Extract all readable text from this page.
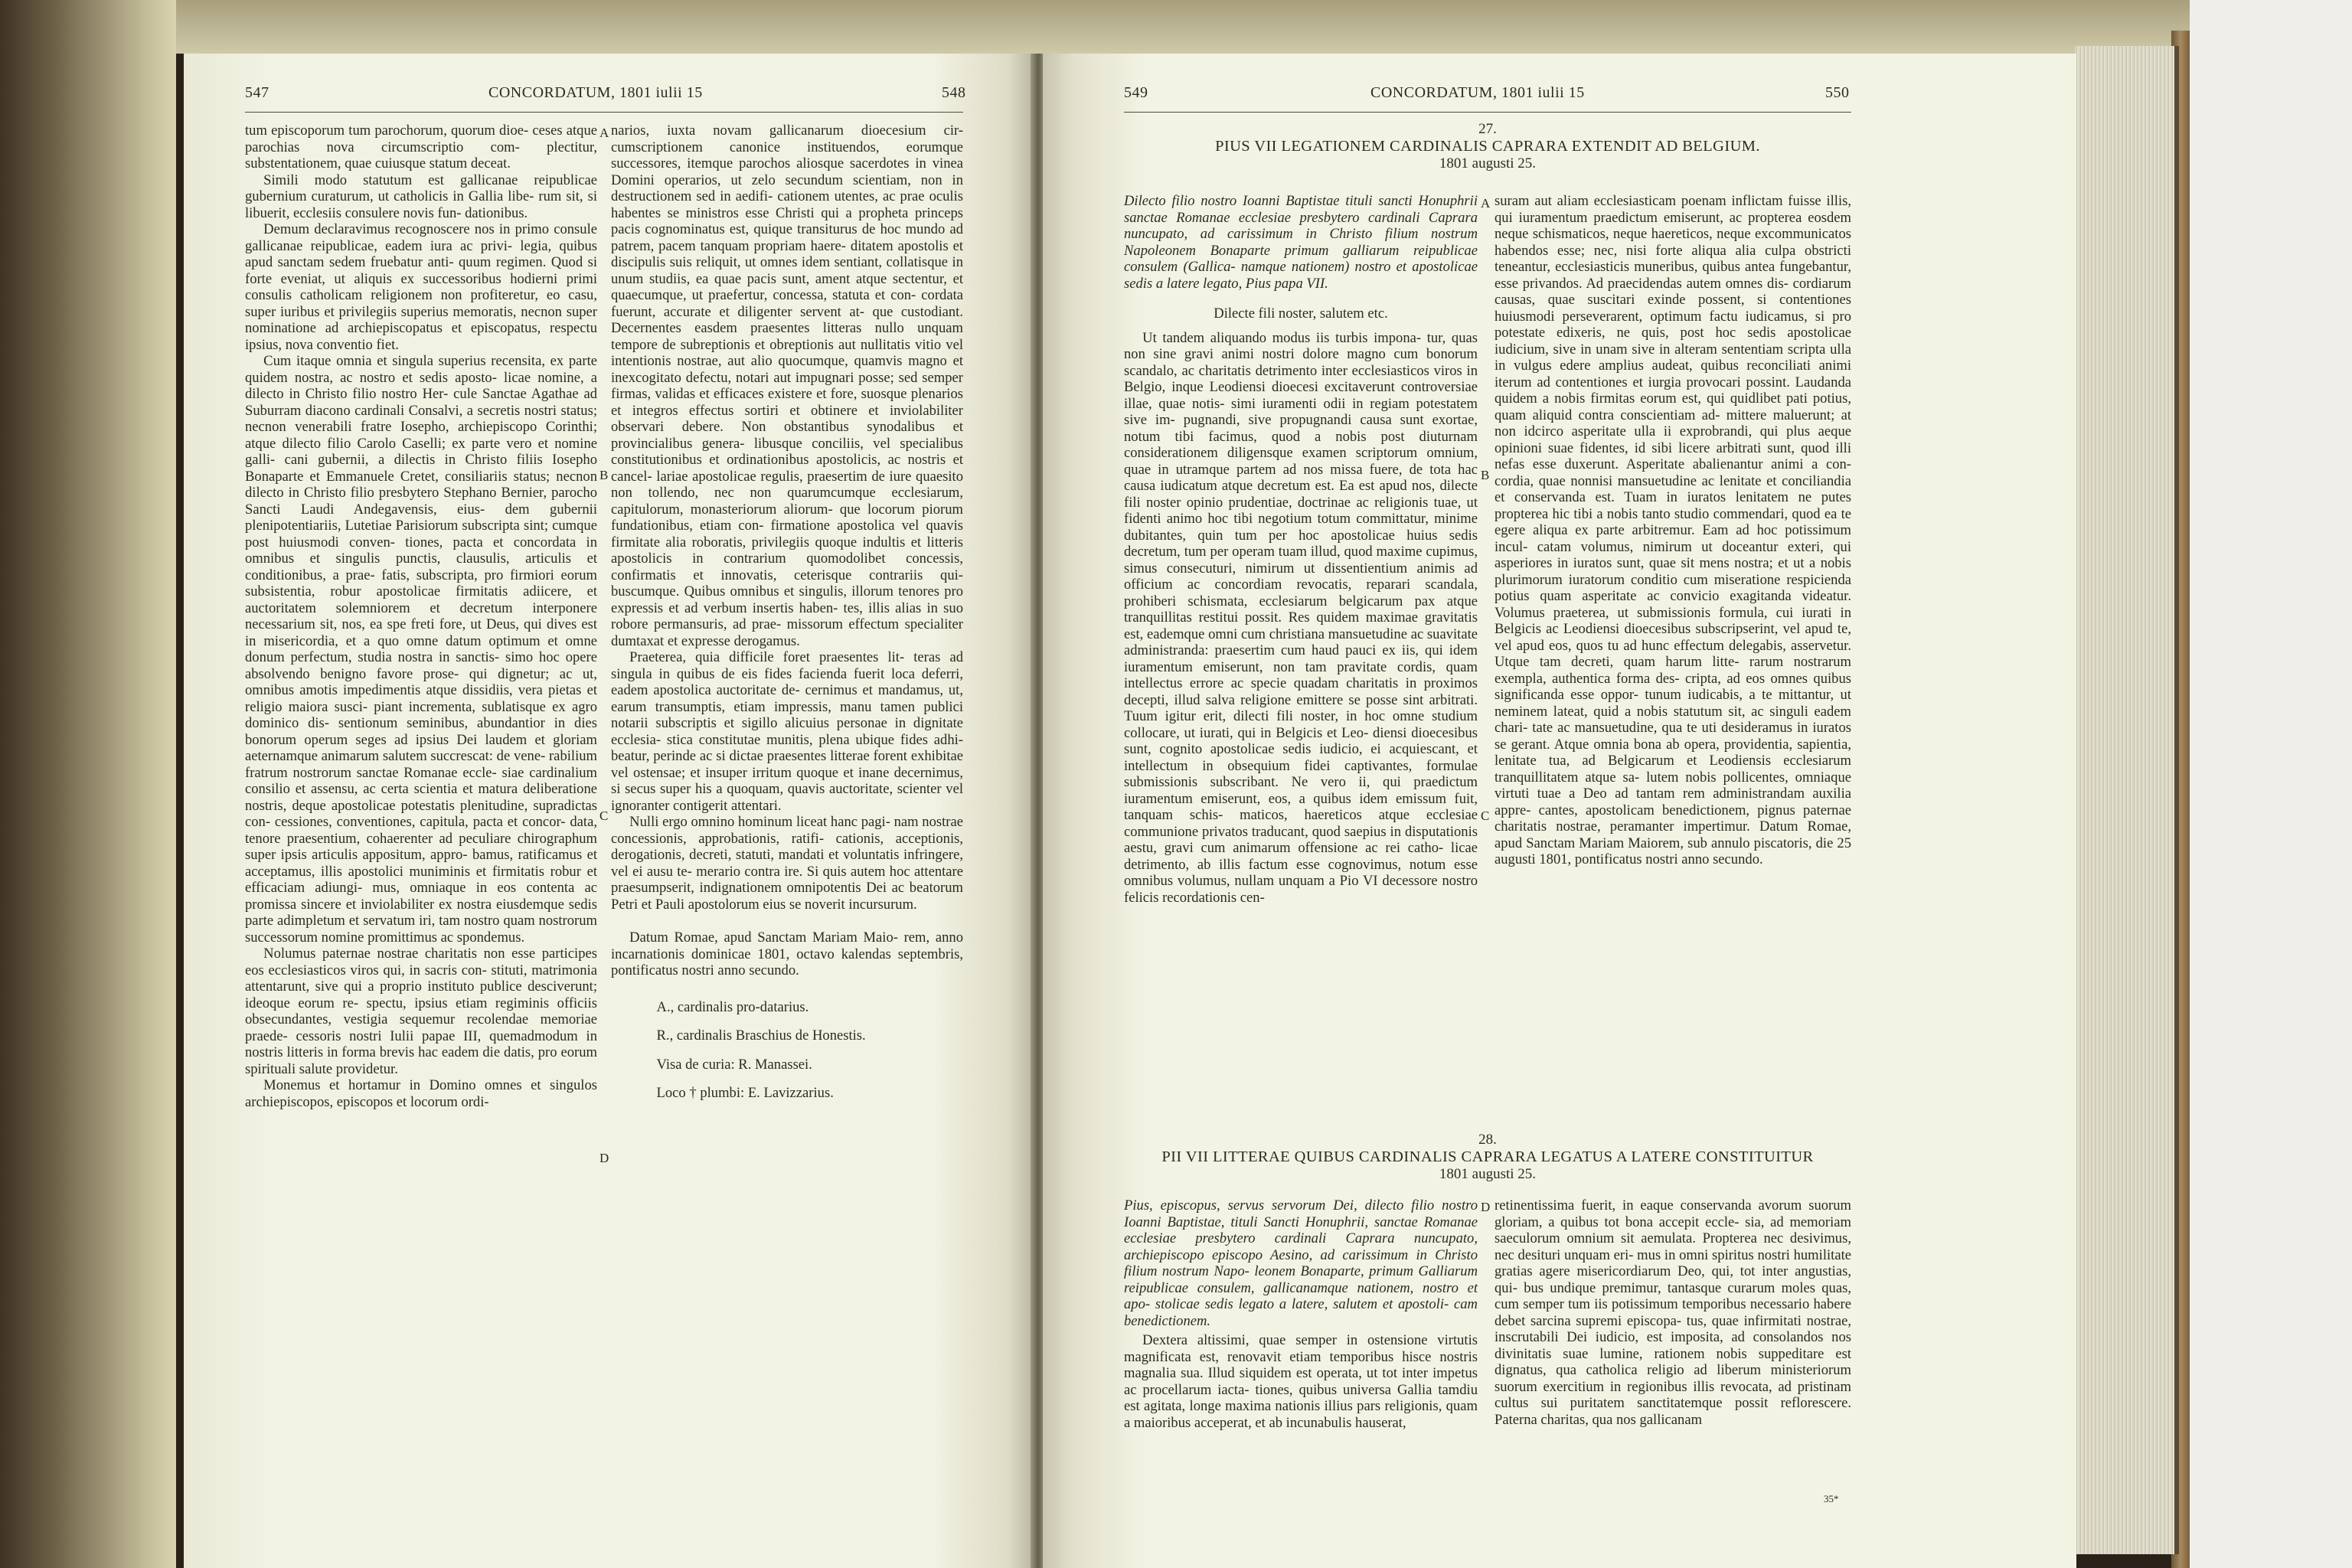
547	CONCORDATUM, 1801 iulii 15	548

tum episcoporum tum parochorum, quorum dioe- ceses atque parochias nova circumscriptio com- plectitur, substentationem, quae cuiusque statum deceat.

Simili modo statutum est gallicanae reipublicae gubernium curaturum, ut catholicis in Gallia libe- rum sit, si libuerit, ecclesiis consulere novis fun- dationibus.

Demum declaravimus recognoscere nos in primo consule gallicanae reipublicae, eadem iura ac privi- legia, quibus apud sanctam sedem fruebatur anti- quum regimen. Quod si forte eveniat, ut aliquis ex successoribus hodierni primi consulis catholicam religionem non profiteretur, eo casu, super iuribus et privilegiis superius memoratis, necnon super nominatione ad archiepiscopatus et episcopatus, respectu ipsius, nova conventio fiet.

Cum itaque omnia et singula superius recensita, ex parte quidem nostra, ac nostro et sedis aposto- licae nomine, a dilecto in Christo filio nostro Her- cule Sanctae Agathae ad Suburram diacono cardinali Consalvi, a secretis nostri status; necnon venerabili fratre Iosepho, archiepiscopo Corinthi; atque dilecto filio Carolo Caselli; ex parte vero et nomine galli- cani gubernii, a dilectis in Christo filiis Iosepho Bonaparte et Emmanuele Cretet, consiliariis status; necnon dilecto in Christo filio presbytero Stephano Bernier, parocho Sancti Laudi Andegavensis, eius- dem gubernii plenipotentiariis, Lutetiae Parisiorum subscripta sint; cumque post huiusmodi conven- tiones, pacta et concordata in omnibus et singulis punctis, clausulis, articulis et conditionibus, a prae- fatis, subscripta, pro firmiori eorum subsistentia, robur apostolicae firmitatis adiicere, et auctoritatem solemniorem et decretum interponere necessarium sit, nos, ea spe freti fore, ut Deus, qui dives est in misericordia, et a quo omne datum optimum et omne donum perfectum, studia nostra in sanctis- simo hoc opere absolvendo benigno favore prose- qui dignetur; ac ut, omnibus amotis impedimentis atque dissidiis, vera pietas et religio maiora susci- piant incrementa, sublatisque ex agro dominico dis- sentionum seminibus, abundantior in dies bonorum operum seges ad ipsius Dei laudem et gloriam aeternamque animarum salutem succrescat: de vene- rabilium fratrum nostrorum sanctae Romanae eccle- siae cardinalium consilio et assensu, ac certa scientia et matura deliberatione nostris, deque apostolicae potestatis plenitudine, supradictas con- cessiones, conventiones, capitula, pacta et concor- data, tenore praesentium, cohaerenter ad peculiare chirographum super ipsis articulis appositum, appro- bamus, ratificamus et acceptamus, illis apostolici muniminis et firmitatis robur et efficaciam adiungi- mus, omniaque in eos contenta ac promissa sincere et inviolabiliter ex nostra eiusdemque sedis parte adimpletum et servatum iri, tam nostro quam nostrorum successorum nomine promittimus ac spondemus.

Nolumus paternae nostrae charitatis non esse participes eos ecclesiasticos viros qui, in sacris con- stituti, matrimonia attentarunt, sive qui a proprio instituto publice desciverunt; ideoque eorum re- spectu, ipsius etiam regiminis officiis obsecundantes, vestigia sequemur recolendae memoriae praede- cessoris nostri Iulii papae III, quemadmodum in nostris litteris in forma brevis hac eadem die datis, pro eorum spirituali salute providetur.

Monemus et hortamur in Domino omnes et singulos archiepiscopos, episcopos et locorum ordi-

narios, iuxta novam gallicanarum dioecesium cir- cumscriptionem canonice instituendos, eorumque successores, itemque parochos aliosque sacerdotes in vinea Domini operarios, ut zelo secundum scientiam, non in destructionem sed in aedifi- cationem utentes, ac prae oculis habentes se ministros esse Christi qui a propheta princeps pacis cognominatus est, quique transiturus de hoc mundo ad patrem, pacem tanquam propriam haere- ditatem apostolis et discipulis suis reliquit, ut omnes idem sentiant, collatisque in unum studiis, ea quae pacis sunt, ament atque sectentur, et quaecumque, ut praefertur, concessa, statuta et con- cordata fuerunt, accurate et diligenter servent at- que custodiant. Decernentes easdem praesentes litteras nullo unquam tempore de subreptionis et obreptionis aut nullitatis vitio vel intentionis nostrae, aut alio quocumque, quamvis magno et inexcogitato defectu, notari aut impugnari posse; sed semper firmas, validas et efficaces existere et fore, suosque plenarios et integros effectus sortiri et obtinere et inviolabiliter observari debere. Non obstantibus synodalibus et provincialibus genera- libusque conciliis, vel specialibus constitutionibus et ordinationibus apostolicis, ac nostris et cancel- lariae apostolicae regulis, praesertim de iure quaesito non tollendo, nec non quarumcumque ecclesiarum, capitulorum, monasteriorum aliorum- que locorum piorum fundationibus, etiam con- firmatione apostolica vel quavis firmitate alia roboratis, privilegiis quoque indultis et litteris apostolicis in contrarium quomodolibet concessis, confirmatis et innovatis, ceterisque contrariis qui- buscumque. Quibus omnibus et singulis, illorum tenores pro expressis et ad verbum insertis haben- tes, illis alias in suo robore permansuris, ad prae- missorum effectum specialiter dumtaxat et expresse derogamus.

Praeterea, quia difficile foret praesentes lit- teras ad singula in quibus de eis fides facienda fuerit loca deferri, eadem apostolica auctoritate de- cernimus et mandamus, ut, earum transumptis, etiam impressis, manu tamen publici notarii subscriptis et sigillo alicuius personae in dignitate ecclesia- stica constitutae munitis, plena ubique fides adhi- beatur, perinde ac si dictae praesentes litterae forent exhibitae vel ostensae; et insuper irritum quoque et inane decernimus, si secus super his a quoquam, quavis auctoritate, scienter vel ignoranter contigerit attentari.

Nulli ergo omnino hominum liceat hanc pagi- nam nostrae concessionis, approbationis, ratifi- cationis, acceptionis, derogationis, decreti, statuti, mandati et voluntatis infringere, vel ei ausu te- merario contra ire. Si quis autem hoc attentare praesumpserit, indignationem omnipotentis Dei ac beatorum Petri et Pauli apostolorum eius se noverit incursurum.

Datum Romae, apud Sanctam Mariam Maio- rem, anno incarnationis dominicae 1801, octavo kalendas septembris, pontificatus nostri anno secundo.

A., cardinalis pro-datarius.

R., cardinalis Braschius de Honestis.

Visa de curia: R. Manassei.

Loco † plumbi: E. Lavizzarius.

A
B
C
D
549	CONCORDATUM, 1801 iulii 15	550
27.
PIUS VII LEGATIONEM CARDINALIS CAPRARA EXTENDIT AD BELGIUM.
1801 augusti 25.

Dilecto filio nostro Ioanni Baptistae tituli sancti Honuphrii sanctae Romanae ecclesiae presbytero cardinali Caprara nuncupato, ad carissimum in Christo filium nostrum Napoleonem Bonaparte primum galliarum reipublicae consulem (Gallica- namque nationem) nostro et apostolicae sedis a latere legato, Pius papa VII.

Dilecte fili noster, salutem etc.

Ut tandem aliquando modus iis turbis impona- tur, quas non sine gravi animi nostri dolore magno cum bonorum scandalo, ac charitatis detrimento inter ecclesiasticos viros in Belgio, inque Leodiensi dioecesi excitaverunt controversiae illae, quae notis- simi iuramenti odii in regiam potestatem sive im- pugnandi, sive propugnandi causa sunt exortae, notum tibi facimus, quod a nobis post diuturnam considerationem diligensque examen scriptorum omnium, quae in utramque partem ad nos missa fuere, de tota hac causa iudicatum atque decretum est. Ea est apud nos, dilecte fili noster opinio prudentiae, doctrinae ac religionis tuae, ut fidenti animo hoc tibi negotium totum committatur, minime dubitantes, quin tum per hoc apostolicae huius sedis decretum, tum per operam tuam illud, quod maxime cupimus, simus consecuturi, nimirum ut dissentientium animis ad officium ac concordiam revocatis, reparari scandala, prohiberi schismata, ecclesiarum belgicarum pax atque tranquillitas restitui possit. Res quidem maximae gravitatis est, eademque omni cum christiana mansuetudine ac suavitate administranda: praesertim cum haud pauci ex iis, qui idem iuramentum emiserunt, non tam pravitate cordis, quam intellectus errore ac specie quadam charitatis in proximos decepti, illud salva religione emittere se posse sint arbitrati. Tuum igitur erit, dilecti fili noster, in hoc omne studium collocare, ut iurati, qui in Belgicis et Leo- diensi dioecesibus sunt, cognito apostolicae sedis iudicio, ei acquiescant, et intellectum in obsequium fidei captivantes, formulae submissionis subscribant. Ne vero ii, qui praedictum iuramentum emiserunt, eos, a quibus idem emissum fuit, tanquam schis- maticos, haereticos atque ecclesiae communione privatos traducant, quod saepius in disputationis aestu, gravi cum animarum offensione ac rei catho- licae detrimento, ab illis factum esse cognovimus, notum esse omnibus volumus, nullam unquam a Pio VI decessore nostro felicis recordationis cen-

suram aut aliam ecclesiasticam poenam inflictam fuisse illis, qui iuramentum praedictum emiserunt, ac propterea eosdem neque schismaticos, neque haereticos, neque excommunicatos habendos esse; nec, nisi forte aliqua alia culpa obstricti teneantur, ecclesiasticis muneribus, quibus antea fungebantur, esse privandos. Ad praecidendas autem omnes dis- cordiarum causas, quae suscitari exinde possent, si contentiones huiusmodi perseverarent, optimum factu iudicamus, si pro potestate edixeris, ne quis, post hoc sedis apostolicae iudicium, sive in unam sive in alteram sententiam scripta ulla in vulgus edere amplius audeat, quibus reconciliati animi iterum ad contentiones et iurgia provocari possint. Laudanda quidem a nobis firmitas eorum est, qui quidlibet pati potius, quam aliquid contra conscientiam ad- mittere maluerunt; at non idcirco asperitate ulla ii exprobrandi, qui plus aeque opinioni suae fidentes, id sibi licere arbitrati sunt, quod illi nefas esse duxerunt. Asperitate abalienantur animi a con- cordia, quae nonnisi mansuetudine ac lenitate et conciliandia et conservanda est. Tuam in iuratos lenitatem ne putes propterea hic tibi a nobis tanto studio commendari, quod ea te egere aliqua ex parte arbitremur. Eam ad hoc potissimum incul- catam volumus, nimirum ut doceantur exteri, qui asperiores in iuratos sunt, quae sit mens nostra; et ut a nobis plurimorum iuratorum conditio cum miseratione respicienda potius quam asperitate ac convicio exagitanda videatur. Volumus praeterea, ut submissionis formula, cui iurati in Belgicis ac Leodiensi dioecesibus subscripserint, vel apud te, vel apud eos, quos tu ad hunc effectum delegabis, asservetur. Utque tam decreti, quam harum litte- rarum nostrarum exempla, authentica forma des- cripta, ad eos omnes quibus significanda esse oppor- tunum iudicabis, a te mittantur, ut neminem lateat, quid a nobis statutum sit, ac singuli eadem chari- tate ac mansuetudine, qua te uti desideramus in iuratos se gerant. Atque omnia bona ab opera, providentia, sapientia, lenitate tua, ad Belgicarum et Leodiensis ecclesiarum tranquillitatem atque sa- lutem nobis pollicentes, omniaque virtuti tuae a Deo ad tantam rem administrandam auxilia appre- cantes, apostolicam benedictionem, pignus paternae charitatis nostrae, peramanter impertimur. Datum Romae, apud Sanctam Mariam Maiorem, sub annulo piscatoris, die 25 augusti 1801, pontificatus nostri anno secundo.

28.
PII VII LITTERAE QUIBUS CARDINALIS CAPRARA LEGATUS A LATERE CONSTITUITUR
1801 augusti 25.

Pius, episcopus, servus servorum Dei, dilecto filio nostro Ioanni Baptistae, tituli Sancti Honuphrii, sanctae Romanae ecclesiae presbytero cardinali Caprara nuncupato, archiepiscopo episcopo Aesino, ad carissimum in Christo filium nostrum Napo- leonem Bonaparte, primum Galliarum reipublicae consulem, gallicanamque nationem, nostro et apo- stolicae sedis legato a latere, salutem et apostoli- cam benedictionem.

Dextera altissimi, quae semper in ostensione virtutis magnificata est, renovavit etiam temporibus hisce nostris magnalia sua. Illud siquidem est operata, ut tot inter impetus ac procellarum iacta- tiones, quibus universa Gallia tamdiu est agitata, longe maxima nationis illius pars religionis, quam a maioribus acceperat, et ab incunabulis hauserat,

retinentissima fuerit, in eaque conservanda avorum suorum gloriam, a quibus tot bona accepit eccle- sia, ad memoriam saeculorum omnium sit aemulata. Propterea nec desivimus, nec desituri unquam eri- mus in omni spiritus nostri humilitate gratias agere misericordiarum Deo, qui, tot inter angustias, qui- bus undique premimur, tantasque curarum moles quas, cum semper tum iis potissimum temporibus necessario habere debet sarcina supremi episcopa- tus, quae infirmitati nostrae, inscrutabili Dei iudicio, est imposita, ad consolandos nos divinitatis suae lumine, rationem nobis suppeditare est dignatus, qua catholica religio ad liberum ministeriorum suorum exercitium in regionibus illis revocata, ad pristinam cultus sui puritatem sanctitatemque possit reflorescere. Paterna charitas, qua nos gallicanam

A
B
C
D
35*
